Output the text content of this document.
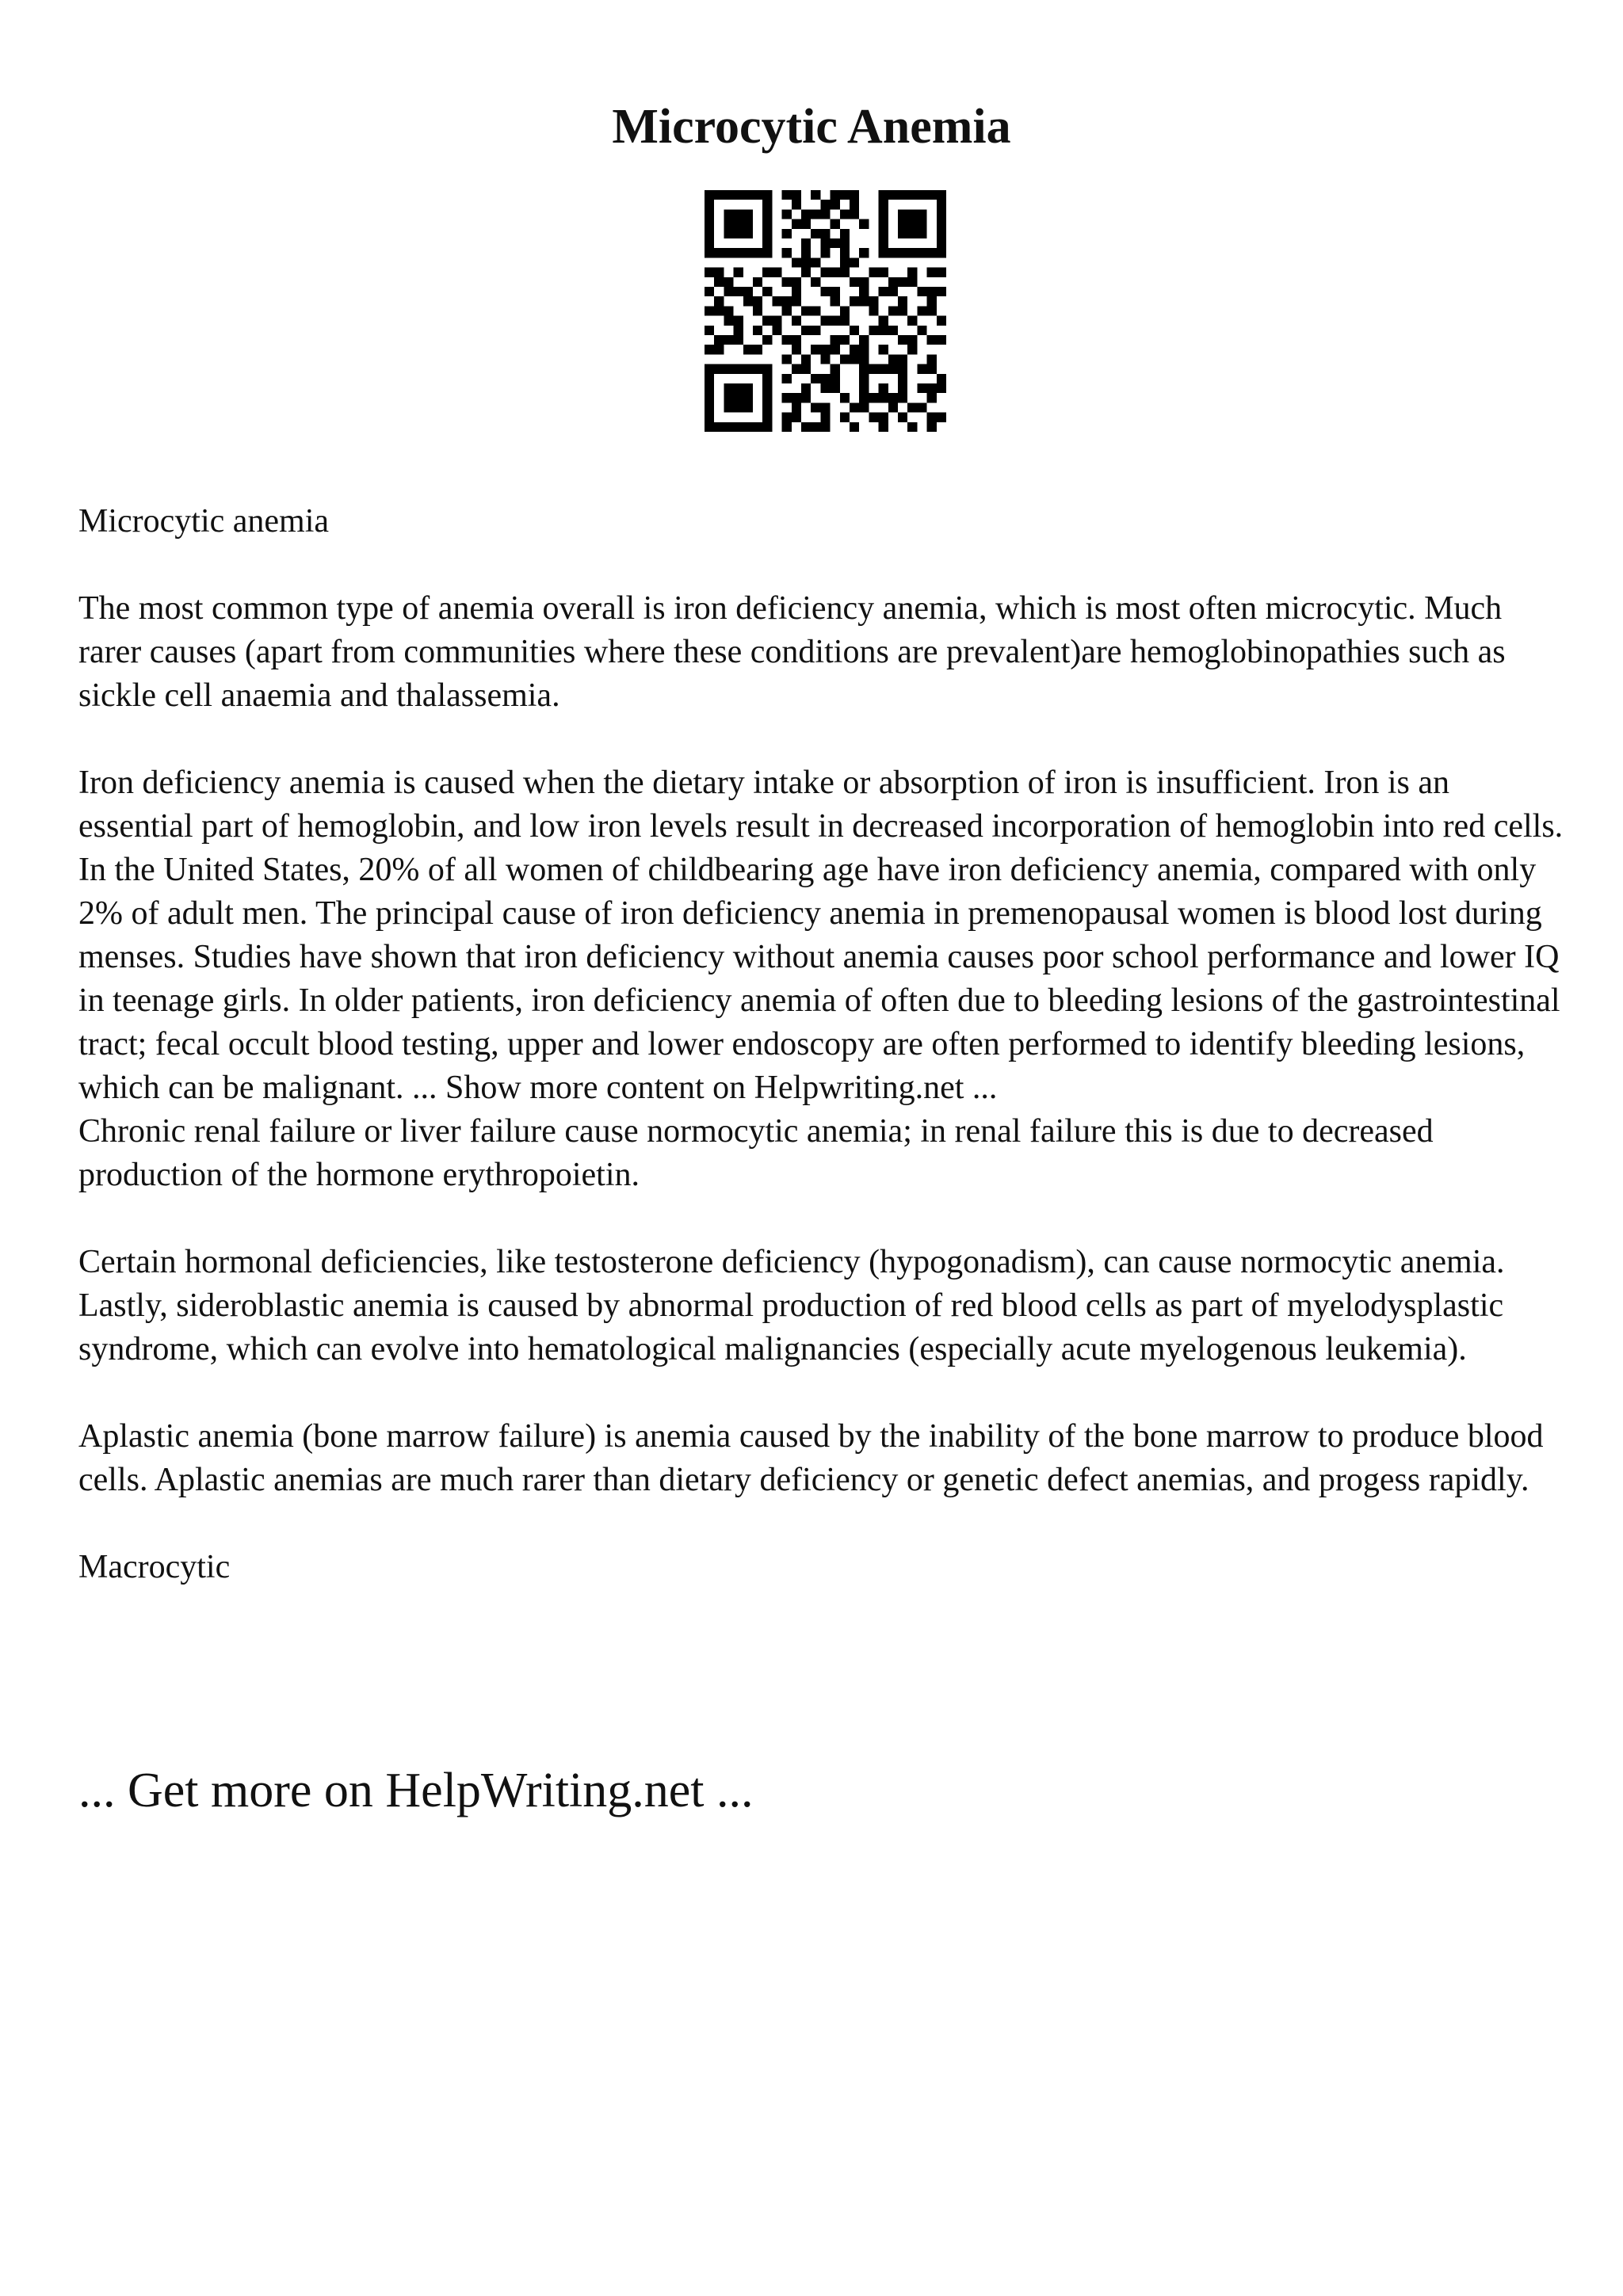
Microcytic Anemia

Microcytic anemia

The most common type of anemia overall is iron deficiency anemia, which is most often microcytic. Much rarer causes (apart from communities where these conditions are prevalent)are hemoglobinopathies such as sickle cell anaemia and thalassemia.

Iron deficiency anemia is caused when the dietary intake or absorption of iron is insufficient. Iron is an essential part of hemoglobin, and low iron levels result in decreased incorporation of hemoglobin into red cells. In the United States, 20% of all women of childbearing age have iron deficiency anemia, compared with only 2% of adult men. The principal cause of iron deficiency anemia in premenopausal women is blood lost during menses. Studies have shown that iron deficiency without anemia causes poor school performance and lower IQ in teenage girls. In older patients, iron deficiency anemia of often due to bleeding lesions of the gastrointestinal tract; fecal occult blood testing, upper and lower endoscopy are often performed to identify bleeding lesions, which can be malignant. ... Show more content on Helpwriting.net ...

Chronic renal failure or liver failure cause normocytic anemia; in renal failure this is due to decreased production of the hormone erythropoietin.

Certain hormonal deficiencies, like testosterone deficiency (hypogonadism), can cause normocytic anemia. Lastly, sideroblastic anemia is caused by abnormal production of red blood cells as part of myelodysplastic syndrome, which can evolve into hematological malignancies (especially acute myelogenous leukemia).

Aplastic anemia (bone marrow failure) is anemia caused by the inability of the bone marrow to produce blood cells. Aplastic anemias are much rarer than dietary deficiency or genetic defect anemias, and progess rapidly.

Macrocytic

... Get more on HelpWriting.net ...
